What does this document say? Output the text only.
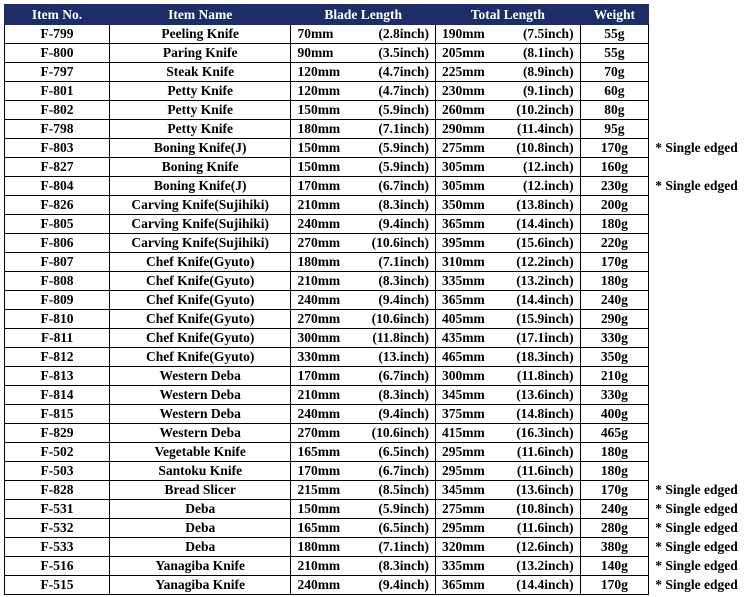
Item No.	Item Name	Blade Length	Total Length	Weight	
F-799	Peeling Knife	70mm (2.8inch)	190mm (7.5inch)	55g	
F-800	Paring Knife	90mm (3.5inch)	205mm (8.1inch)	55g	
F-797	Steak Knife	120mm (4.7inch)	225mm (8.9inch)	70g	
F-801	Petty Knife	120mm (4.7inch)	230mm (9.1inch)	60g	
F-802	Petty Knife	150mm (5.9inch)	260mm (10.2inch)	80g	
F-798	Petty Knife	180mm (7.1inch)	290mm (11.4inch)	95g	
F-803	Boning Knife(J)	150mm (5.9inch)	275mm (10.8inch)	170g	* Single edged
F-827	Boning Knife	150mm (5.9inch)	305mm (12.inch)	160g	
F-804	Boning Knife(J)	170mm (6.7inch)	305mm (12.inch)	230g	* Single edged
F-826	Carving Knife(Sujihiki)	210mm (8.3inch)	350mm (13.8inch)	200g	
F-805	Carving Knife(Sujihiki)	240mm (9.4inch)	365mm (14.4inch)	180g	
F-806	Carving Knife(Sujihiki)	270mm (10.6inch)	395mm (15.6inch)	220g	
F-807	Chef Knife(Gyuto)	180mm (7.1inch)	310mm (12.2inch)	170g	
F-808	Chef Knife(Gyuto)	210mm (8.3inch)	335mm (13.2inch)	180g	
F-809	Chef Knife(Gyuto)	240mm (9.4inch)	365mm (14.4inch)	240g	
F-810	Chef Knife(Gyuto)	270mm (10.6inch)	405mm (15.9inch)	290g	
F-811	Chef Knife(Gyuto)	300mm (11.8inch)	435mm (17.1inch)	330g	
F-812	Chef Knife(Gyuto)	330mm (13.inch)	465mm (18.3inch)	350g	
F-813	Western Deba	170mm (6.7inch)	300mm (11.8inch)	210g	
F-814	Western Deba	210mm (8.3inch)	345mm (13.6inch)	330g	
F-815	Western Deba	240mm (9.4inch)	375mm (14.8inch)	400g	
F-829	Western Deba	270mm (10.6inch)	415mm (16.3inch)	465g	
F-502	Vegetable Knife	165mm (6.5inch)	295mm (11.6inch)	180g	
F-503	Santoku Knife	170mm (6.7inch)	295mm (11.6inch)	180g	
F-828	Bread Slicer	215mm (8.5inch)	345mm (13.6inch)	170g	* Single edged
F-531	Deba	150mm (5.9inch)	275mm (10.8inch)	240g	* Single edged
F-532	Deba	165mm (6.5inch)	295mm (11.6inch)	280g	* Single edged
F-533	Deba	180mm (7.1inch)	320mm (12.6inch)	380g	* Single edged
F-516	Yanagiba Knife	210mm (8.3inch)	335mm (13.2inch)	140g	* Single edged
F-515	Yanagiba Knife	240mm (9.4inch)	365mm (14.4inch)	170g	* Single edged
